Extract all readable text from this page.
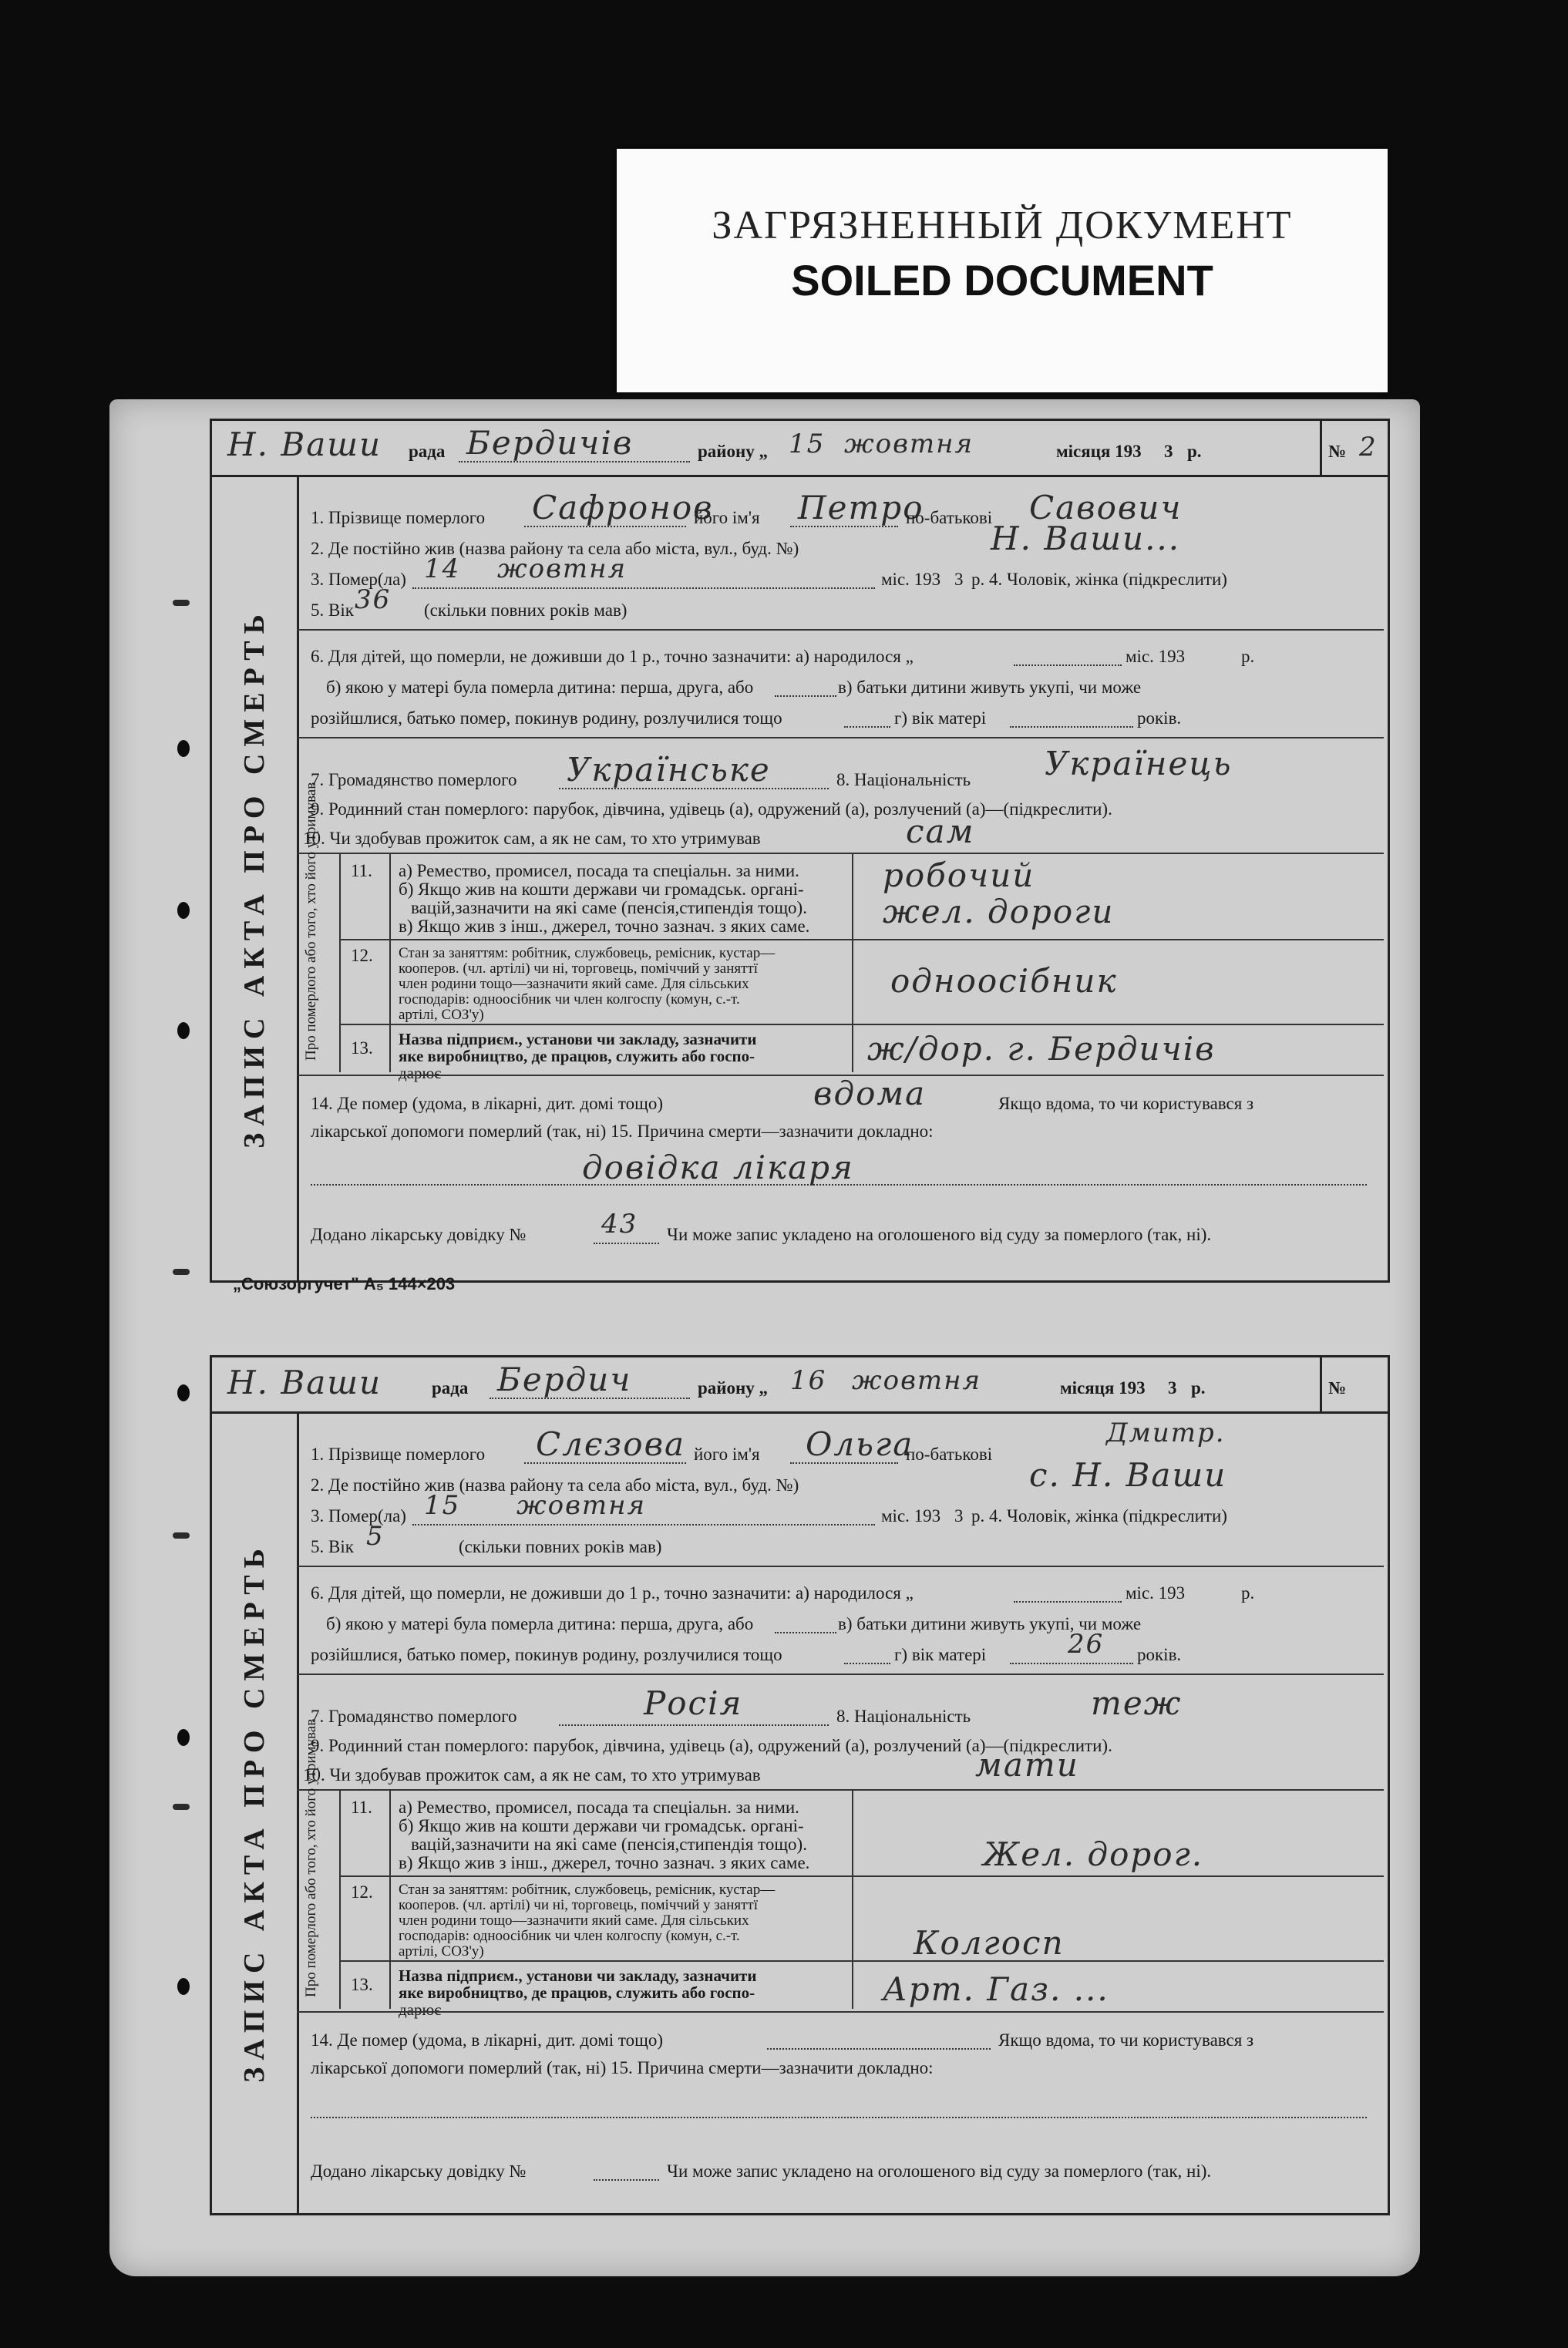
ЗАГРЯЗНЕННЫЙ ДОКУМЕНТ
SOILED DOCUMENT
Н. Ваши рада Бердичів	району „ 15 жовтня	місяця 193 3 р.	№ 2
ЗАПИС АКТА ПРО СМЕРТЬ
1. Прізвище померлого Сафронов
його ім'я Петро
по-батькові Савович
2. Де постійно жив (назва району та села або міста, вул., буд. №)	Н. Ваши...
3. Помер(ла) 14 жовтня	міс. 193 3 р. 4. Чоловік, жінка (підкреслити)
5. Вік 36 (скільки повних років мав)
6. Для дітей, що померли, не доживши до 1 р., точно зазначити: а) народилося „	міс. 193	р.
б) якою у матері була померла дитина: перша, друга, або	в) батьки дитини живуть укупі, чи може
розійшлися, батько помер, покинув родину, розлучилися тощо	г) вік матері	років.
7. Громадянство померлого Українське	8. Національність Українець
9. Родинний стан померлого: парубок, дівчина, удівець (а), одружений (а), розлучений (а)—(підкреслити).
10. Чи здобував прожиток сам, а як не сам, то хто утримував	сам
Про померлого або того, хто його утримував 11. а) Ремество, промисел, посада та спеціальн. за ними.
б) Якщо жив на кошти держави чи громадськ. органі-
вацій,зазначити на які саме (пенсія,стипендія тощо).
в) Якщо жив з інш., джерел, точно зазнач. з яких саме.
робочий
жел. дороги
12. Стан за заняттям: робітник, службовець, ремісник, кустар—
кооперов. (чл. артілі) чи ні, торговець, поміччий у заняттї
член родини тощо—зазначити який саме. Для сільських
господарів: одноосібник чи член колгоспу (комун, с.-т.
артілі, СОЗ'у)
одноосібник
13. Назва підприєм., установи чи закладу, зазначити
яке виробництво, де працюв, служить або госпо-
дарює
ж/дор. г. Бердичів
14. Де помер (удома, в лікарні, дит. домі тощо)	вдома	Якщо вдома, то чи користувався з
лікарської допомоги померлий (так, ні) 15. Причина смерти—зазначити докладно:
довідка лікаря
Додано лікарську довідку №	43 Чи може запис укладено на оголошеного від суду за померлого (так, ні).
„Союзоргучет" А₅ 144×203
Н. Ваши	рада Бердич	району „ 16 жовтня	місяця 193 3 р.	№
ЗАПИС АКТА ПРО СМЕРТЬ
1. Прізвище померлого Слєзова його ім'я Ольга
по-батькові
Дмитр.
2. Де постійно жив (назва району та села або міста, вул., буд. №)	с. Н. Ваши
3. Помер(ла) 15 жовтня	міс. 193 3 р. 4. Чоловік, жінка (підкреслити)
5. Вік 5	(скільки повних років мав)
6. Для дітей, що померли, не доживши до 1 р., точно зазначити: а) народилося „	міс. 193	р.
б) якою у матері була померла дитина: перша, друга, або	в) батьки дитини живуть укупі, чи може
розійшлися, батько помер, покинув родину, розлучилися тощо	г) вік матері	26 років.
7. Громадянство померлого	Росія	8. Національність	теж
9. Родинний стан померлого: парубок, дівчина, удівець (а), одружений (а), розлучений (а)—(підкреслити).
10. Чи здобував прожиток сам, а як не сам, то хто утримував	мати
Про померлого або того, хто його утримував 11. а) Ремество, промисел, посада та спеціальн. за ними.
б) Якщо жив на кошти держави чи громадськ. органі-
вацій,зазначити на які саме (пенсія,стипендія тощо).
в) Якщо жив з інш., джерел, точно зазнач. з яких саме.	Жел. дорог.
12. Стан за заняттям: робітник, службовець, ремісник, кустар—
кооперов. (чл. артілі) чи ні, торговець, поміччий у заняттї
член родини тощо—зазначити який саме. Для сільських
господарів: одноосібник чи член колгоспу (комун, с.-т.
артілі, СОЗ'у)	Колгосп
13. Назва підприєм., установи чи закладу, зазначити
яке виробництво, де працюв, служить або госпо-
дарює
Арт. Газ. ...
14. Де помер (удома, в лікарні, дит. домі тощо)	Якщо вдома, то чи користувався з
лікарської допомоги померлий (так, ні) 15. Причина смерти—зазначити докладно:
Додано лікарську довідку №	Чи може запис укладено на оголошеного від суду за померлого (так, ні).
